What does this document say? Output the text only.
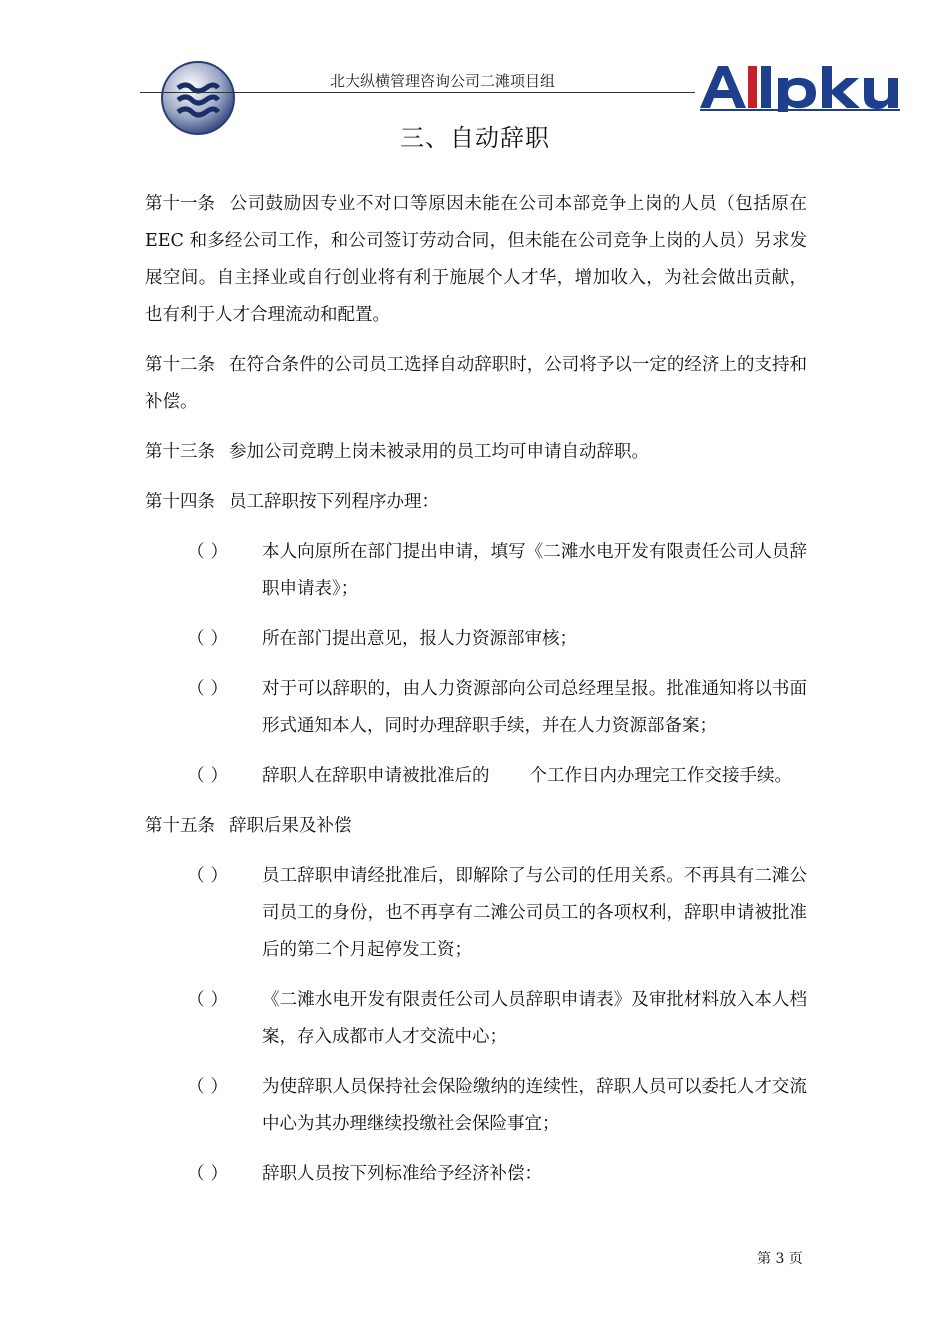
北大纵横管理咨询公司二滩项目组
三、自动辞职

第十一条 公司鼓励因专业不对口等原因未能在公司本部竞争上岗的人员（包括原在 EEC 和多经公司工作，和公司签订劳动合同，但未能在公司竞争上岗的人员）另求发展空间。自主择业或自行创业将有利于施展个人才华，增加收入，为社会做出贡献，也有利于人才合理流动和配置。

第十二条 在符合条件的公司员工选择自动辞职时，公司将予以一定的经济上的支持和补偿。

第十三条 参加公司竞聘上岗未被录用的员工均可申请自动辞职。

第十四条 员工辞职按下列程序办理：

（）	本人向原所在部门提出申请，填写《二滩水电开发有限责任公司人员辞职申请表》；
（）	所在部门提出意见，报人力资源部审核；
（）	对于可以辞职的，由人力资源部向公司总经理呈报。批准通知将以书面形式通知本人，同时办理辞职手续，并在人力资源部备案；
（）	辞职人在辞职申请被批准后的 个工作日内办理完工作交接手续。

第十五条 辞职后果及补偿

（）	员工辞职申请经批准后，即解除了与公司的任用关系。不再具有二滩公司员工的身份，也不再享有二滩公司员工的各项权利，辞职申请被批准后的第二个月起停发工资；
（）	《二滩水电开发有限责任公司人员辞职申请表》及审批材料放入本人档案，存入成都市人才交流中心；
（）	为使辞职人员保持社会保险缴纳的连续性，辞职人员可以委托人才交流中心为其办理继续投缴社会保险事宜；
（）	辞职人员按下列标准给予经济补偿：
第 3 页
